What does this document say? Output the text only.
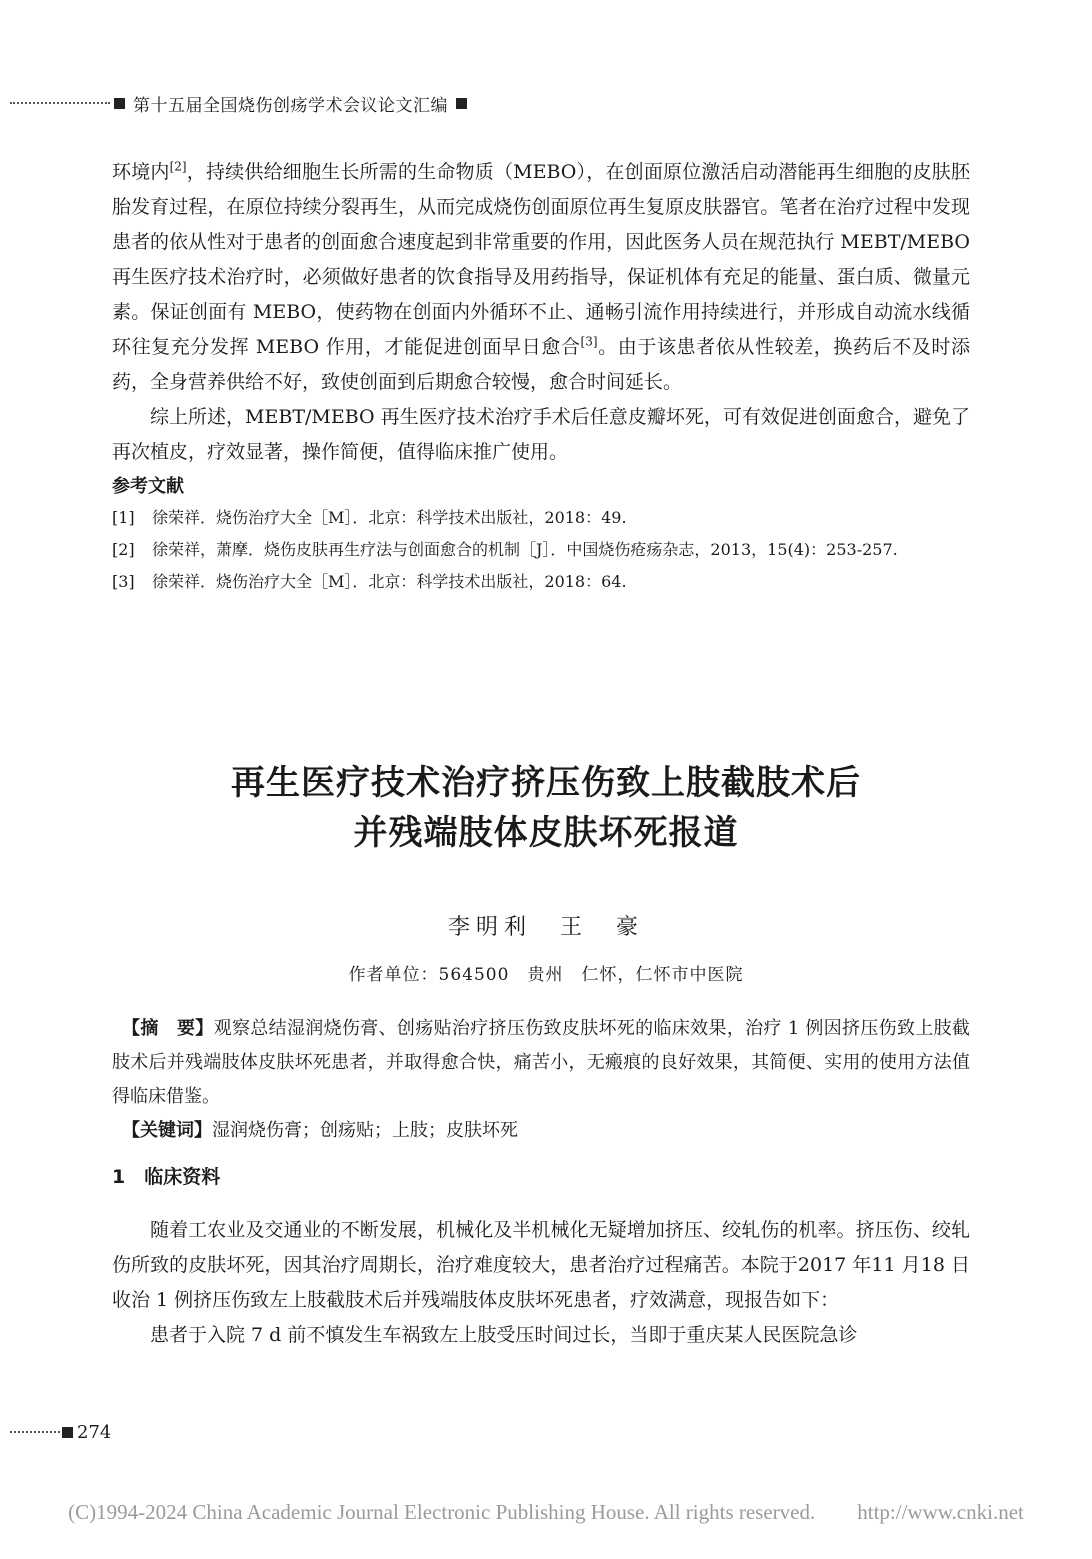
第十五届全国烧伤创疡学术会议论文汇编

环境内[2]，持续供给细胞生长所需的生命物质（MEBO），在创面原位激活启动潜能再生细胞的皮肤胚胎发育过程，在原位持续分裂再生，从而完成烧伤创面原位再生复原皮肤器官。笔者在治疗过程中发现患者的依从性对于患者的创面愈合速度起到非常重要的作用，因此医务人员在规范执行 MEBT/MEBO 再生医疗技术治疗时，必须做好患者的饮食指导及用药指导，保证机体有充足的能量、蛋白质、微量元素。保证创面有 MEBO，使药物在创面内外循环不止、通畅引流作用持续进行，并形成自动流水线循环往复充分发挥 MEBO 作用，才能促进创面早日愈合[3]。由于该患者依从性较差，换药后不及时添药，全身营养供给不好，致使创面到后期愈合较慢，愈合时间延长。

综上所述，MEBT/MEBO 再生医疗技术治疗手术后任意皮瓣坏死，可有效促进创面愈合，避免了再次植皮，疗效显著，操作简便，值得临床推广使用。

参考文献
[1]	徐荣祥．烧伤治疗大全［M］．北京：科学技术出版社，2018：49.
[2]	徐荣祥，萧摩．烧伤皮肤再生疗法与创面愈合的机制［J］．中国烧伤疮疡杂志，2013，15(4)：253-257.
[3]	徐荣祥．烧伤治疗大全［M］．北京：科学技术出版社，2018：64.
再生医疗技术治疗挤压伤致上肢截肢术后
并残端肢体皮肤坏死报道
李明利　王　豪
作者单位：564500　贵州　仁怀，仁怀市中医院

【摘　要】观察总结湿润烧伤膏、创疡贴治疗挤压伤致皮肤坏死的临床效果，治疗 1 例因挤压伤致上肢截肢术后并残端肢体皮肤坏死患者，并取得愈合快，痛苦小，无瘢痕的良好效果，其简便、实用的使用方法值得临床借鉴。

【关键词】湿润烧伤膏；创疡贴；上肢；皮肤坏死

1　临床资料

随着工农业及交通业的不断发展，机械化及半机械化无疑增加挤压、绞轧伤的机率。挤压伤、绞轧伤所致的皮肤坏死，因其治疗周期长，治疗难度较大，患者治疗过程痛苦。本院于2017 年11 月18 日收治 1 例挤压伤致左上肢截肢术后并残端肢体皮肤坏死患者，疗效满意，现报告如下：

患者于入院 7 d 前不慎发生车祸致左上肢受压时间过长，当即于重庆某人民医院急诊

274
(C)1994-2024 China Academic Journal Electronic Publishing House. All rights reserved.　　http://www.cnki.net
